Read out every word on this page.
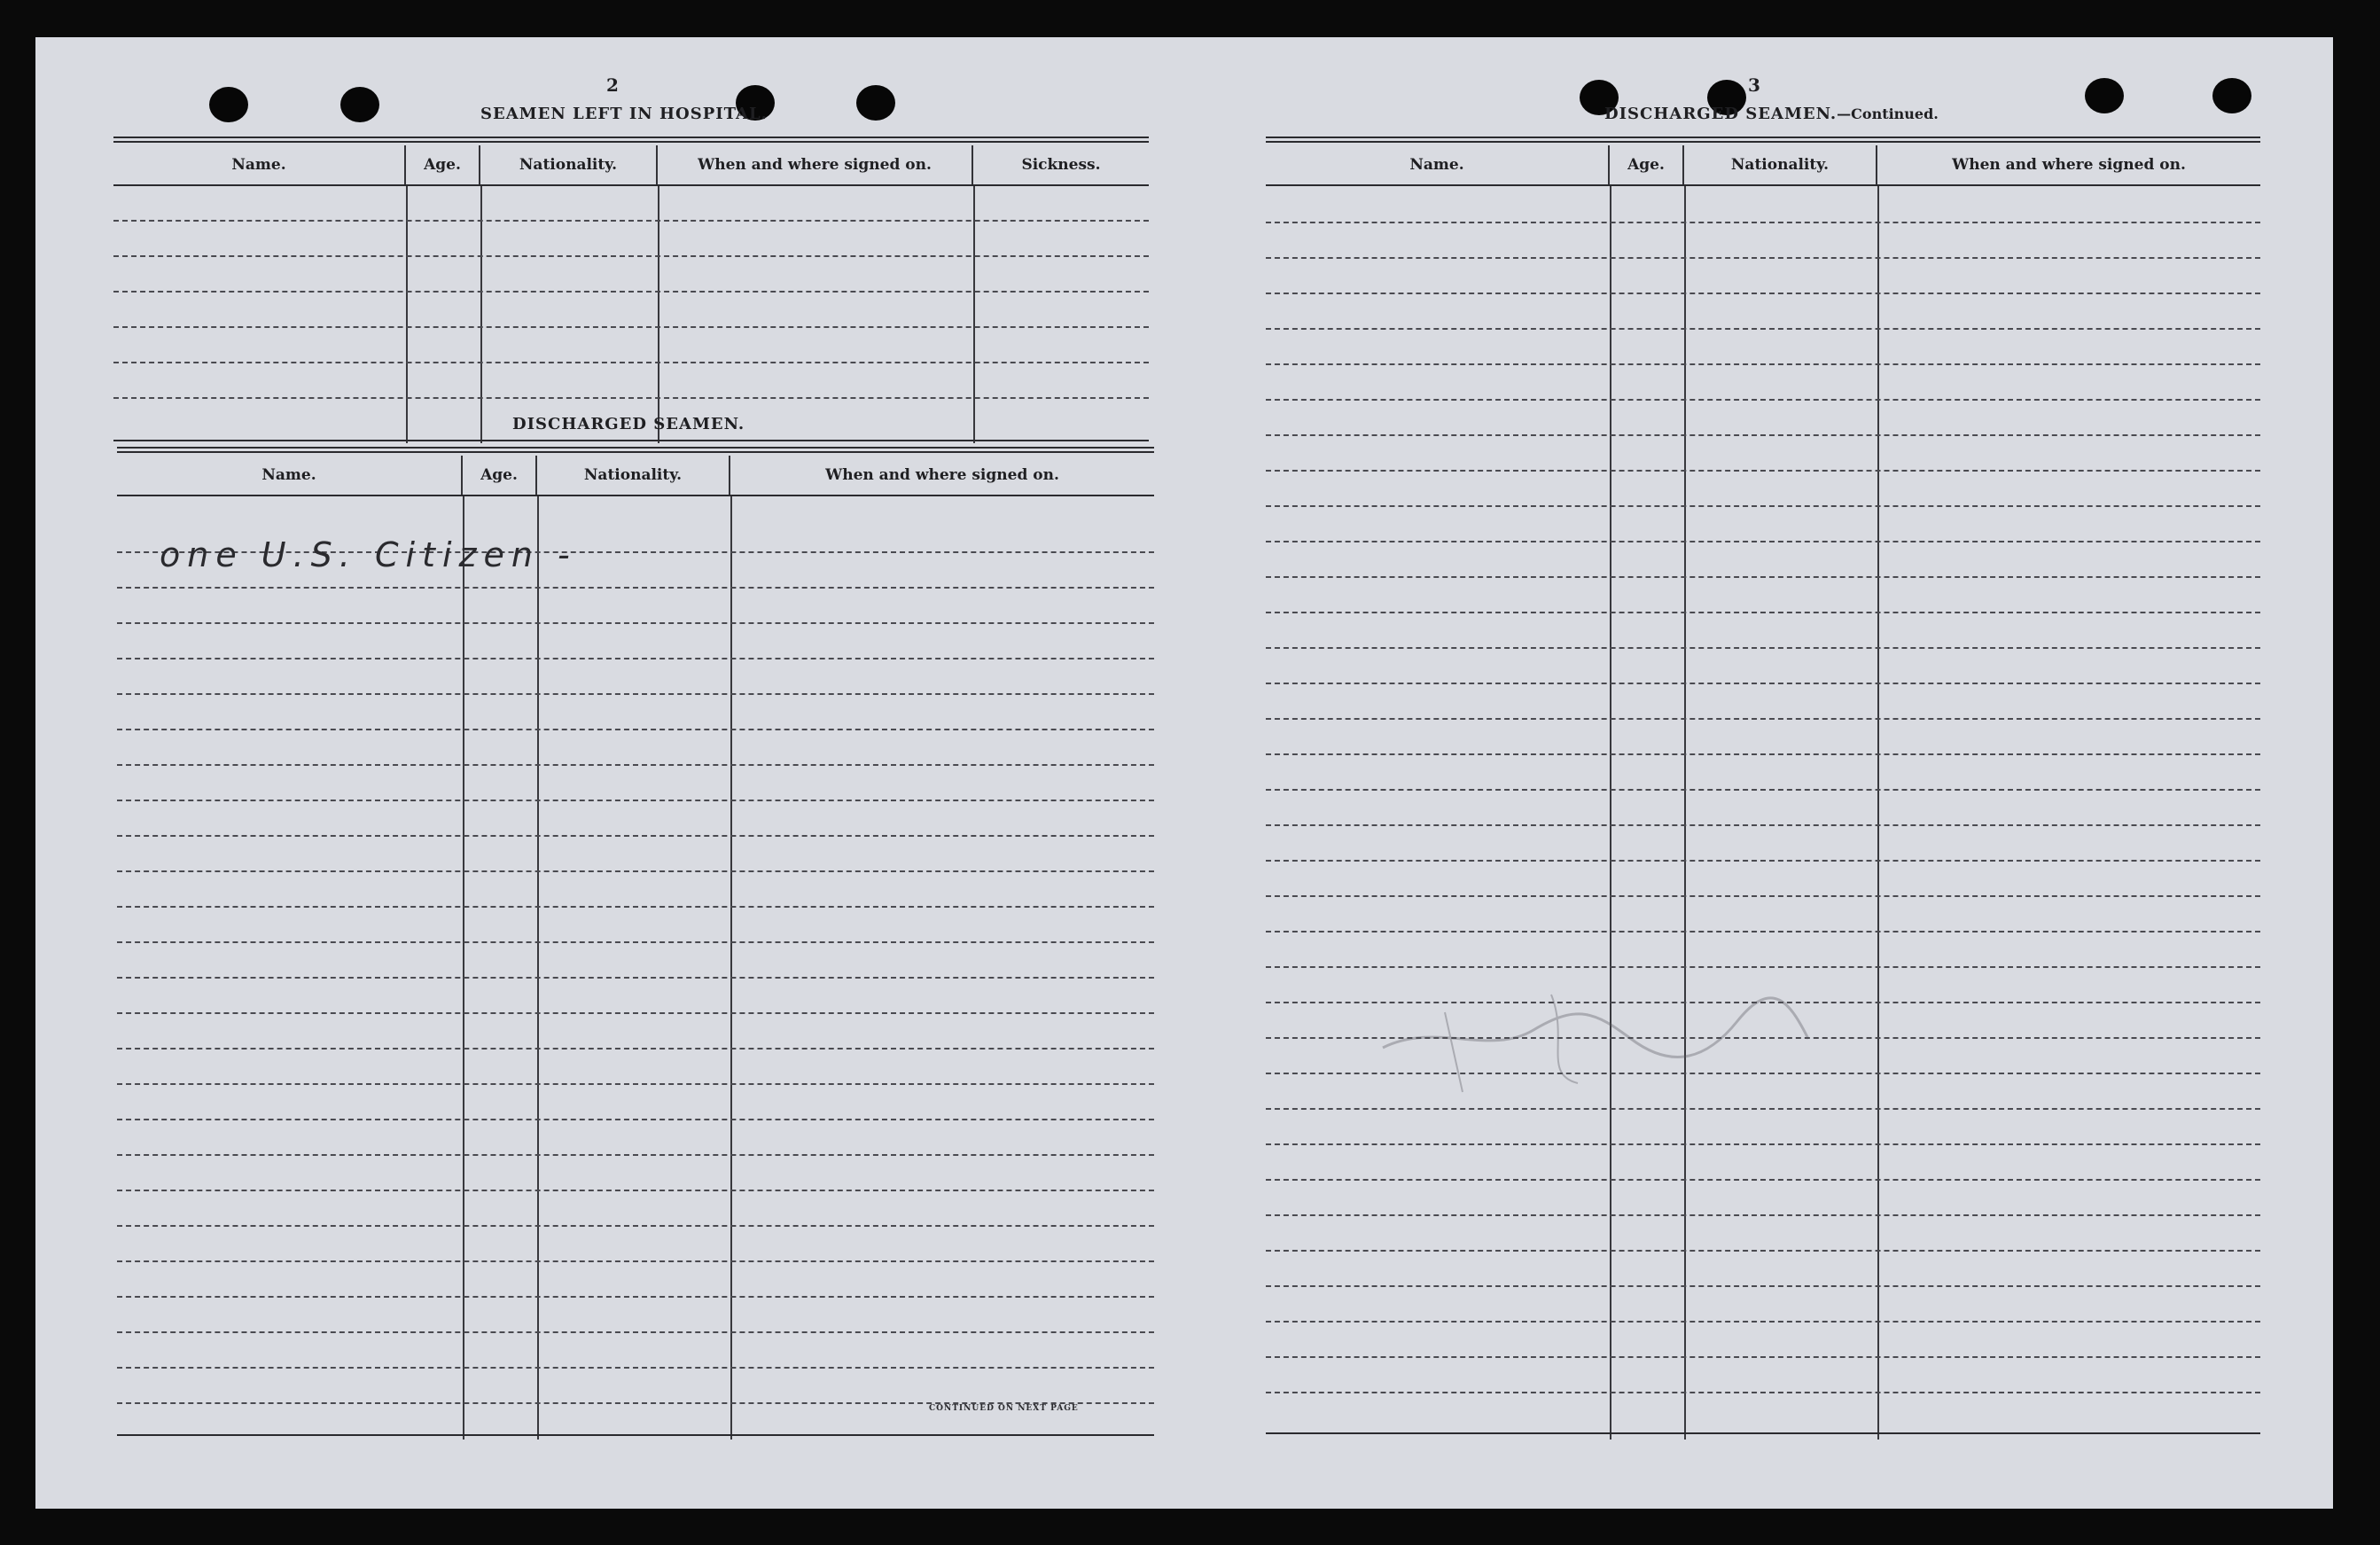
2
SEAMEN LEFT IN HOSPITAL.
Name.	Age.	Nationality.	When and where signed on.	Sickness.
DISCHARGED SEAMEN.
Name.	Age.	Nationality.	When and where signed on.
one U.S. Citizen -
CONTINUED ON NEXT PAGE
3
DISCHARGED SEAMEN.—Continued.
Name.	Age.	Nationality.	When and where signed on.
